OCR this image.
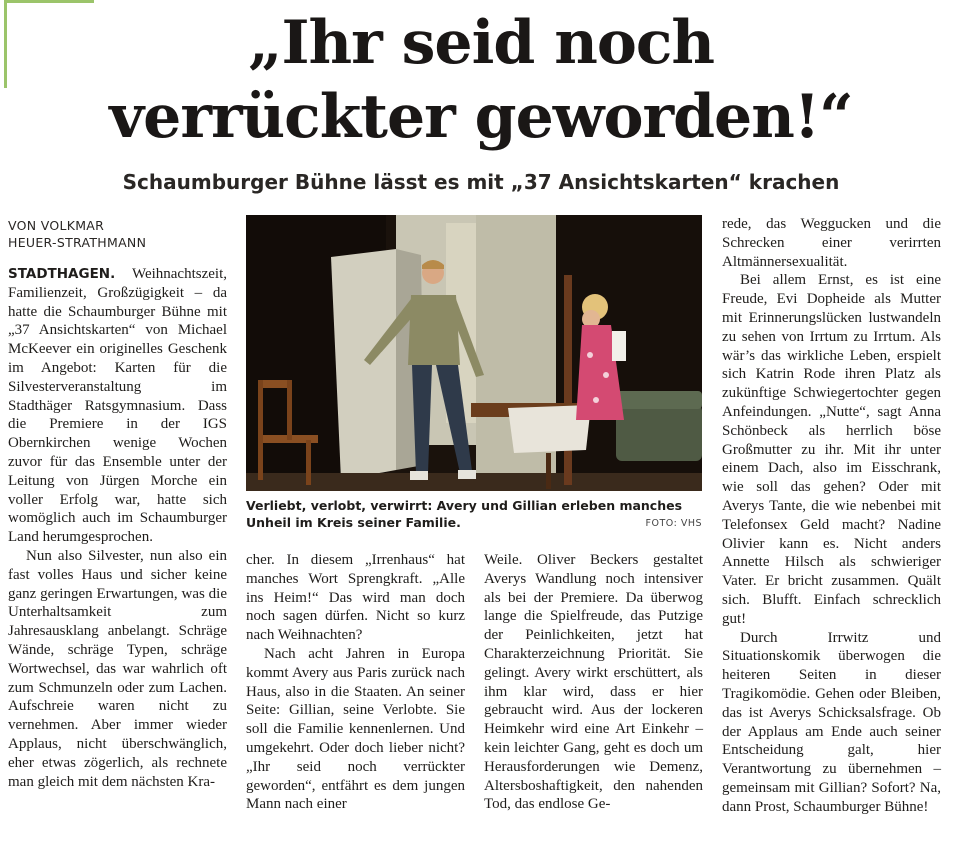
„Ihr seid noch
verrückter geworden!“
Schaumburger Bühne lässt es mit „37 Ansichtskarten“ krachen
VON VOLKMAR
HEUER-STRATHMANN

STADTHAGEN. Weihnachtszeit, Familienzeit, Großzügigkeit – da hatte die Schaumburger Bühne mit „37 Ansichtskarten“ von Michael McKeever ein originelles Geschenk im Angebot: Karten für die Silvesterveranstaltung im Stadthäger Ratsgymnasium. Dass die Premiere in der IGS Obernkirchen wenige Wochen zuvor für das Ensemble unter der Leitung von Jürgen Morche ein voller Erfolg war, hatte sich womöglich auch im Schaumburger Land herumgesprochen.

Nun also Silvester, nun also ein fast volles Haus und sicher keine ganz geringen Erwartungen, was die Unterhaltsamkeit zum Jahresausklang anbelangt. Schräge Wände, schräge Typen, schräge Wortwechsel, das war wahrlich oft zum Schmunzeln oder zum Lachen. Aufschreie waren nicht zu vernehmen. Aber immer wieder Applaus, nicht überschwänglich, eher etwas zögerlich, als rechnete man gleich mit dem nächsten Kra-

Verliebt, verlobt, verwirrt: Avery und Gillian erleben manches Unheil im Kreis seiner Familie.	FOTO: VHS

cher. In diesem „Irrenhaus“ hat manches Wort Sprengkraft. „Alle ins Heim!“ Das wird man doch noch sagen dürfen. Nicht so kurz nach Weihnachten?

Nach acht Jahren in Europa kommt Avery aus Paris zurück nach Haus, also in die Staaten. An seiner Seite: Gillian, seine Verlobte. Sie soll die Familie kennenlernen. Und umgekehrt. Oder doch lieber nicht? „Ihr seid noch verrückter geworden“, entfährt es dem jungen Mann nach einer

Weile. Oliver Beckers gestaltet Averys Wandlung noch intensiver als bei der Premiere. Da überwog lange die Spielfreude, das Putzige der Peinlichkeiten, jetzt hat Charakterzeichnung Priorität. Sie gelingt. Avery wirkt erschüttert, als ihm klar wird, dass er hier gebraucht wird. Aus der lockeren Heimkehr wird eine Art Einkehr – kein leichter Gang, geht es doch um Herausforderungen wie Demenz, Altersboshaftigkeit, den nahenden Tod, das endlose Ge-

rede, das Weggucken und die Schrecken einer verirrten Altmännersexualität.

Bei allem Ernst, es ist eine Freude, Evi Dopheide als Mutter mit Erinnerungslücken lustwandeln zu sehen von Irrtum zu Irrtum. Als wär’s das wirkliche Leben, erspielt sich Katrin Rode ihren Platz als zukünftige Schwiegertochter gegen Anfeindungen. „Nutte“, sagt Anna Schönbeck als herrlich böse Großmutter zu ihr. Mit ihr unter einem Dach, also im Eisschrank, wie soll das gehen? Oder mit Averys Tante, die wie nebenbei mit Telefonsex Geld macht? Nadine Olivier kann es. Nicht anders Annette Hilsch als schwieriger Vater. Er bricht zusammen. Quält sich. Blufft. Einfach schrecklich gut!

Durch Irrwitz und Situationskomik überwogen die heiteren Seiten in dieser Tragikomödie. Gehen oder Bleiben, das ist Averys Schicksalsfrage. Ob der Applaus am Ende auch seiner Entscheidung galt, hier Verantwortung zu übernehmen – gemeinsam mit Gillian? Sofort? Na, dann Prost, Schaumburger Bühne!
